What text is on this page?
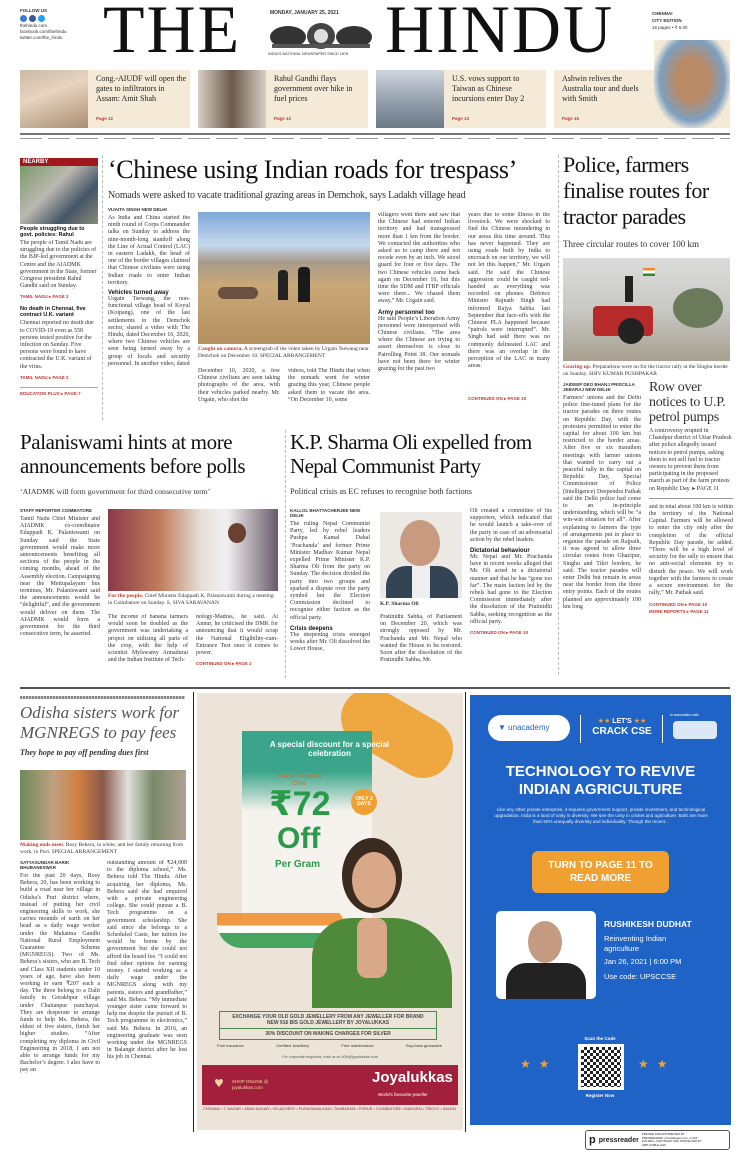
FOLLOW US
thehindu.com
facebook.com/thehindu
twitter.com/the_hindu THE	MONDAY, JANUARY 25, 2021
INDIA'S NATIONAL NEWSPAPER SINCE 1878 HINDU	CHENNAI
CITY EDITION
16 pages • ₹ 6.00
Cong.-AIUDF will open the gates to infiltrators in Assam: Amit Shah
Page 12
Rahul Gandhi flays government over hike in fuel prices
Page 12
U.S. vows support to Taiwan as Chinese incursions enter Day 2
Page 13
Ashwin relives the Australia tour and duels with Smith
Page 15
NEARBY
People struggling due to govt. policies: Rahul
The people of Tamil Nadu are struggling due to the policies of the BJP-led government at the Centre and the AIADMK government in the State, former Congress president Rahul Gandhi said on Sunday.
TAMIL NADU ▸ PAGE 2
No death in Chennai, five contract U.K. variant
Chennai reported no death due to COVID-19 even as 558 persons tested positive for the infection on Sunday. Five persons were found to have contracted the U.K. variant of the virus.
TAMIL NADU ▸ PAGE 2
EDUCATION PLUS ▸ PAGE 7
‘Chinese using Indian roads for trespass’
Nomads were asked to vacate traditional grazing areas in Demchok, says Ladakh village head
VIJAITA SINGH NEW DELHI
As India and China started the ninth round of Corps Commander talks on Sunday to address the nine-month-long standoff along the Line of Actual Control (LAC) in eastern Ladakh, the head of one of the border villages claimed that Chinese civilians were using Indian roads to enter Indian territory.
Vehicles turned away
Urgain Tsewang, the non-functional village head of Koyul (Koipang), one of the last settlements in the Demchok sector, shared a video with The Hindu, dated December 16, 2020, where two Chinese vehicles are seen being turned away by a group of locals and security personnel. In another video, dated
Caught on camera. A screengrab of the video taken by Urgain Tsewang near Demchok on December 10. SPECIAL ARRANGEMENT
December 10, 2020, a few Chinese civilians are seen taking photographs of the area, with their vehicles parked nearby. Mr. Urgain, who shot the
videos, told The Hindu that when the nomads went for winter grazing this year, Chinese people asked them to vacate the area. “On December 10, some
villagers went there and saw that the Chinese had entered Indian territory and had transgressed more than 1 km from the border. We contacted the authorities who asked us to camp there and not recede even by an inch. We stood guard for four or five days. The two Chinese vehicles came back again on December 16, but this time the SDM and ITBP officials were there... We chased them away,” Mr. Urgain said.
Army personnel too
He said People’s Liberation Army personnel were interspersed with Chinese civilians. “The area where the Chinese are trying to assert themselves is close to Patrolling Point 38. Our nomads have not been there for winter grazing for the past two
years due to some illness in the livestock. We were shocked to find the Chinese meandering in our areas this time around. This has never happened. They are using roads built by India to encroach on our territory, we will not let this happen,” Mr. Urgain said. He said the Chinese aggression could be caught red-handed as everything was recorded on phones. Defence Minister Rajnath Singh had informed Rajya Sabha last September that face-offs with the Chinese PLA happened because “patrols were interrupted”. Mr. Singh had said there was no commonly delineated LAC and there was an overlap in the perception of the LAC in many areas.
CONTINUED ON ▸ PAGE 10
Police, farmers finalise routes for tractor parades
Three circular routes to cover 100 km
Gearing up. Preparations were on for the tractor rally at the Singhu border on Sunday. SHIV KUMAR PUSHPAKAR
JAIDEEP DEO BHANJ PRISCILLA JEBARAJ NEW DELHI
Farmers’ unions and the Delhi police fine-tuned plans for the tractor parades on three routes on Republic Day, with the protesters permitted to enter the capital for about 100 km but restricted to the border areas. After five or six marathon meetings with farmer unions that wanted to carry out a peaceful rally in the capital on Republic Day, Special Commissioner of Police (Intelligence) Deependra Pathak said the Delhi police had come to an in-principle understanding, which will be “a win-win situation for all”. After explaining to farmers the type of arrangements put in place to organise the parade on Rajpath, it was agreed to allow three circular routes from Ghazipur, Singhu and Tikri borders, he said. The tractor parades will enter Delhi but remain in areas near the border from the three entry points. Each of the routes planned are approximately 100 km long
Row over notices to U.P. petrol pumps
A controversy erupted in Chandpur district of Uttar Pradesh after police allegedly issued notices to petrol pumps, asking them to not sell fuel to tractor owners to prevent them from participating in the proposed march as part of the farm protests on Republic Day. ▸ PAGE 11
and in total about 100 km is within the territory of the National Capital. Farmers will be allowed to enter the city only after the completion of the official Republic Day parade, he added. “There will be a high level of security for the rally to ensure that no anti-social elements try to disturb the peace. We will work together with the farmers to create a secure environment for the rally,” Mr. Pathak said.
CONTINUED ON ▸ PAGE 10
MORE REPORTS ▸ PAGE 11
Palaniswami hints at more announcements before polls
‘AIADMK will form government for third consecutive term’
STAFF REPORTER COIMBATORE
Tamil Nadu Chief Minister and AIADMK co-coordinator Edappadi K. Palaniswami on Sunday said the State government would make more announcements benefiting all sections of the people in the coming months, ahead of the Assembly election. Campaigning near the Mettupalayam bus terminus, Mr. Palaniswami said the announcements would be “delightful”, and the government would deliver on them. The AIADMK would form a government for the third consecutive term, he asserted.
For the people. Chief Minister Edappadi K. Palaniswami during a meeting in Coimbatore on Sunday. S. SIVA SARAVANAN
The income of banana farmers would soon be doubled as the government was undertaking a project on utilising all parts of the crop, with the help of scientist Mylswamy Annadurai and the Indian Institute of Tech-
nology-Madras, he said. At Annur, he criticised the DMK for announcing that it would scrap the National Eligibility-cum-Entrance Test once it comes to power.
CONTINUED ON ▸ PAGE 2
K.P. Sharma Oli expelled from Nepal Communist Party
Political crisis as EC refuses to recognise both factions
KALLOL BHATTACHERJEE NEW DELHI
The ruling Nepal Communist Party, led by rebel leaders Pushpa Kamal Dahal ‘Prachanda’ and former Prime Minister Madhav Kumar Nepal expelled Prime Minister K.P. Sharma Oli from the party on Sunday. The decision divided the party into two groups and sparked a dispute over the party symbol but the Election Commission declined to recognise either faction as the official party.
Crisis deepens
The deepening crisis emerged weeks after Mr. Oli dissolved the Lower House,
K.P. Sharma Oli
Pratinidhi Sabha, of Parliament on December 20, which was strongly opposed by Mr. Prachanda and Mr. Nepal who wanted the House to be restored. Soon after the dissolution of the Pratinidhi Sabha, Mr.
Oli created a committee of his supporters, which indicated that he would launch a take-over of the party in case of an adversarial action by the rebel leaders.
Dictatorial behaviour
Mr. Nepal and Mr. Prachanda have in recent weeks alleged that Mr. Oli acted in a dictatorial manner and that he has “gone too far”. The main faction led by the rebels had gone to the Election Commission immediately after the dissolution of the Pratinidhi Sabha, seeking recognition as the official party.
CONTINUED ON ▸ PAGE 10
Odisha sisters work for MGNREGS to pay fees
They hope to pay off pending dues first
Making ends meet. Rosy Behera, in white, and her family returning from work, in Puri. SPECIAL ARRANGEMENT
SATYASUNDAR BARIK BHUBANESWAR
For the past 20 days, Rosy Behera, 20, has been working to build a road near her village in Odisha’s Puri district where, instead of putting her civil engineering skills to work, she carries mounds of earth on her head as a daily wage worker under the Mahatma Gandhi National Rural Employment Guarantee Scheme (MGNREGS). Two of Ms. Behera’s sisters, who are B. Tech and Class XII students under 10 years of age, have also been working to earn ₹207 each a day. The three belong to a Dalit family in Gorakhpur village under Chaitanpur panchayat. They are desperate to arrange funds to help Ms. Behera, the eldest of five sisters, finish her higher studies. “After completing my diploma in Civil Engineering in 2018, I am not able to arrange funds for my Bachelor’s degree. I also have to pay an
outstanding amount of ₹24,000 to the diploma school,” Ms. Behera told The Hindu. After acquiring her diploma, Ms. Behera said she had enquired with a private engineering college. She could pursue a B. Tech programme on a government scholarship. She said since she belongs to a Scheduled Caste, her tuition fee would be borne by the government but she could not afford the hostel fee. “I could not find other options for earning money. I started working as a daily wage under the MGNREGS along with my parents, sisters and grandfather,” said Ms. Behera. “My immediate younger sister came forward to help me despite the pursuit of B. Tech programme in electronics,” said Ms. Behera. In 2016, an engineering graduate was seen working under the MGNREGS in Balangir district after he lost his job in Chennai.
A special discount for a special celebration
Grand Republic Offer
₹72
Off
Per Gram
ONLY 2 DAYS
EXCHANGE YOUR OLD GOLD JEWELLERY FROM ANY JEWELLER FOR BRAND NEW 916 BIS GOLD JEWELLERY BY JOYALUKKAS
30% DISCOUNT ON MAKING CHARGES FOR SILVER
Free insurance	Certified Jewellery	Free maintenance	Buy-back guarantee
For corporate enquiries, mail us at: b2b@joyalukkas.com
SHOP ONLINE @ joyalukkas.com
♥	Joyalukkas
World's favourite jeweller
CHENNAI • T. NAGAR • ANNA NAGAR • VELACHERY • PURASAWALKAM • TAMBARAM • PORUR • COIMBATORE • MADURAI • TRICHY • SALEM
▼ unacademy
★★ LET'S ★★
CRACK CSE
In association with
TECHNOLOGY TO REVIVE INDIAN AGRICULTURE
Like any other private enterprise, it requires government support, private investment, and technological upgradation. India is a land of unity in diversity. We see the unity in cricket and agriculture. Both are more than 50% unequally diversity and individuality. Though the recent...
TURN TO PAGE 11 TO READ MORE
RUSHIKESH DUDHAT
Reinventing Indian agriculture
Jan 26, 2021 | 6:00 PM
Use code: UPSCCSE
Scan the Code
Register Now
★★	★★
p pressreader
PRINTED AND DISTRIBUTED BY PRESSREADER • PressReader.com +1 604 278 4604 • COPYRIGHT AND PROTECTED BY APPLICABLE LAW
